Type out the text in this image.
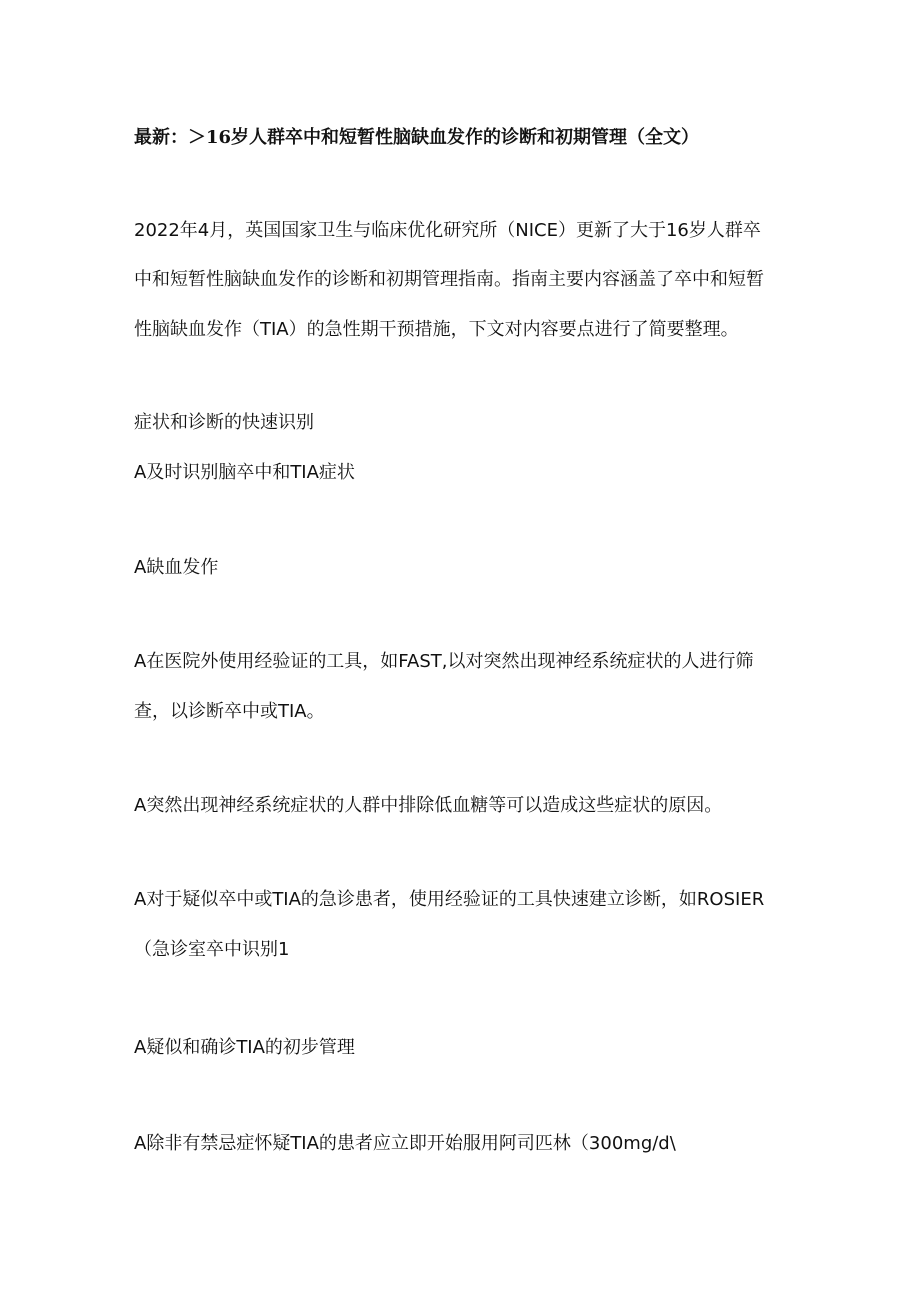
最新：＞16岁人群卒中和短暂性脑缺血发作的诊断和初期管理（全文）
2022年4月，英国国家卫生与临床优化研究所（NICE）更新了大于16岁人群卒
中和短暂性脑缺血发作的诊断和初期管理指南。指南主要内容涵盖了卒中和短暂
性脑缺血发作（TIA）的急性期干预措施，下文对内容要点进行了简要整理。
症状和诊断的快速识别
A及时识别脑卒中和TIA症状
A缺血发作
A在医院外使用经验证的工具，如FAST,以对突然出现神经系统症状的人进行筛
查，以诊断卒中或TIA。
A突然出现神经系统症状的人群中排除低血糖等可以造成这些症状的原因。
A对于疑似卒中或TIA的急诊患者，使用经验证的工具快速建立诊断，如ROSIER
（急诊室卒中识别1
A疑似和确诊TIA的初步管理
A除非有禁忌症怀疑TIA的患者应立即开始服用阿司匹林（300mg∕d\
